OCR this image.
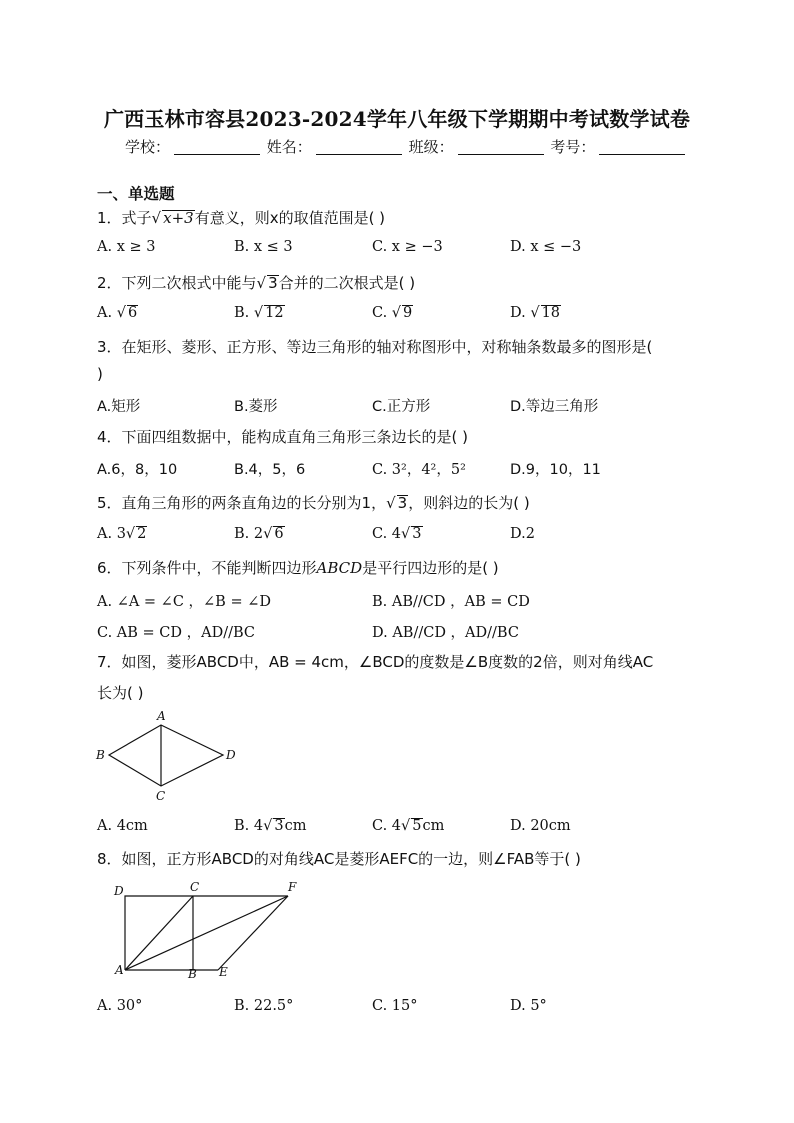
广西玉林市容县2023-2024学年八年级下学期期中考试数学试卷
学校：	姓名：	班级：	考号：
一、单选题
1．式子√ x+3有意义，则x的取值范围是( )
A. x ≥ 3	B. x ≤ 3	C. x ≥ −3	D. x ≤ −3
2．下列二次根式中能与√ 3合并的二次根式是( )
A. √ 6	B. √ 12	C. √ 9	D. √ 18
3．在矩形、菱形、正方形、等边三角形的轴对称图形中，对称轴条数最多的图形是(
)
A.矩形	B.菱形	C.正方形	D.等边三角形
4．下面四组数据中，能构成直角三角形三条边长的是( )
A.6，8，10	B.4，5，6	C. 3²，4²，5²	D.9，10，11
5．直角三角形的两条直角边的长分别为1，√ 3，则斜边的长为( )
A. 3√ 2	B. 2√ 6	C. 4√ 3	D.2
6．下列条件中，不能判断四边形ABCD是平行四边形的是( )
A. ∠A = ∠C ，∠B = ∠D	B. AB//CD ，AB = CD
C. AB = CD ，AD//BC	D. AB//CD ，AD//BC
7．如图，菱形ABCD中，AB = 4cm，∠BCD的度数是∠B度数的2倍，则对角线AC
长为( )
A
B
C
D
A. 4cm	B. 4√ 3cm	C. 4√ 5cm	D. 20cm
8．如图，正方形ABCD的对角线AC是菱形AEFC的一边，则∠FAB等于( )
D	C	F
A	B E
A. 30°	B. 22.5°	C. 15°	D. 5°
